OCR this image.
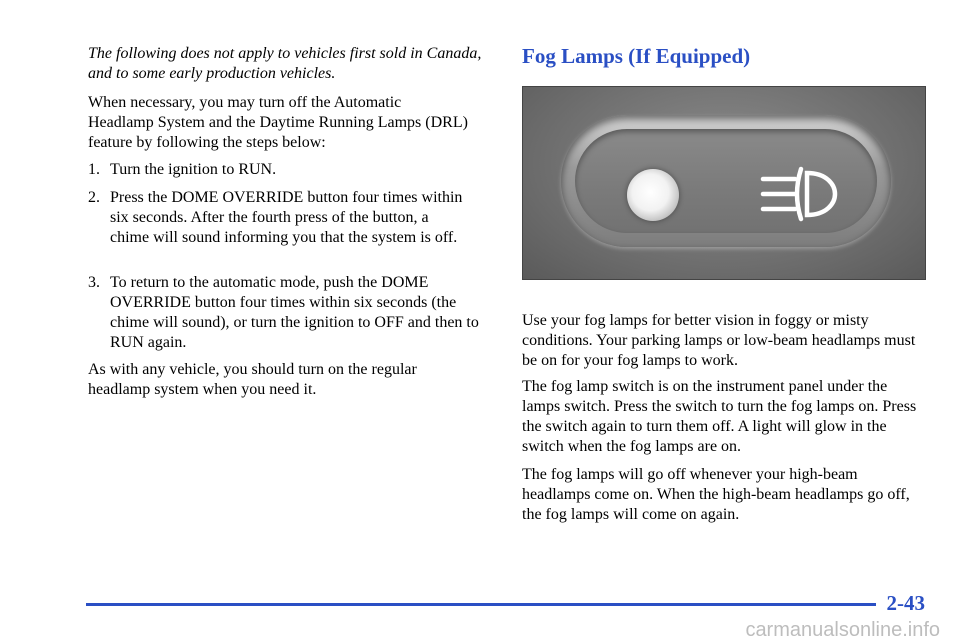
The following does not apply to vehicles first sold in Canada, and to some early production vehicles.

When necessary, you may turn off the Automatic Headlamp System and the Daytime Running Lamps (DRL) feature by following the steps below:

1. Turn the ignition to RUN.
2. Press the DOME OVERRIDE button four times within six seconds. After the fourth press of the button, a chime will sound informing you that the system is off.
3. To return to the automatic mode, push the DOME OVERRIDE button four times within six seconds (the chime will sound), or turn the ignition to OFF and then to RUN again.

As with any vehicle, you should turn on the regular headlamp system when you need it.

Fog Lamps (If Equipped)

Use your fog lamps for better vision in foggy or misty conditions. Your parking lamps or low-beam headlamps must be on for your fog lamps to work.

The fog lamp switch is on the instrument panel under the lamps switch. Press the switch to turn the fog lamps on. Press the switch again to turn them off. A light will glow in the switch when the fog lamps are on.

The fog lamps will go off whenever your high-beam headlamps come on. When the high-beam headlamps go off, the fog lamps will come on again.

2-43
carmanualsonline.info
